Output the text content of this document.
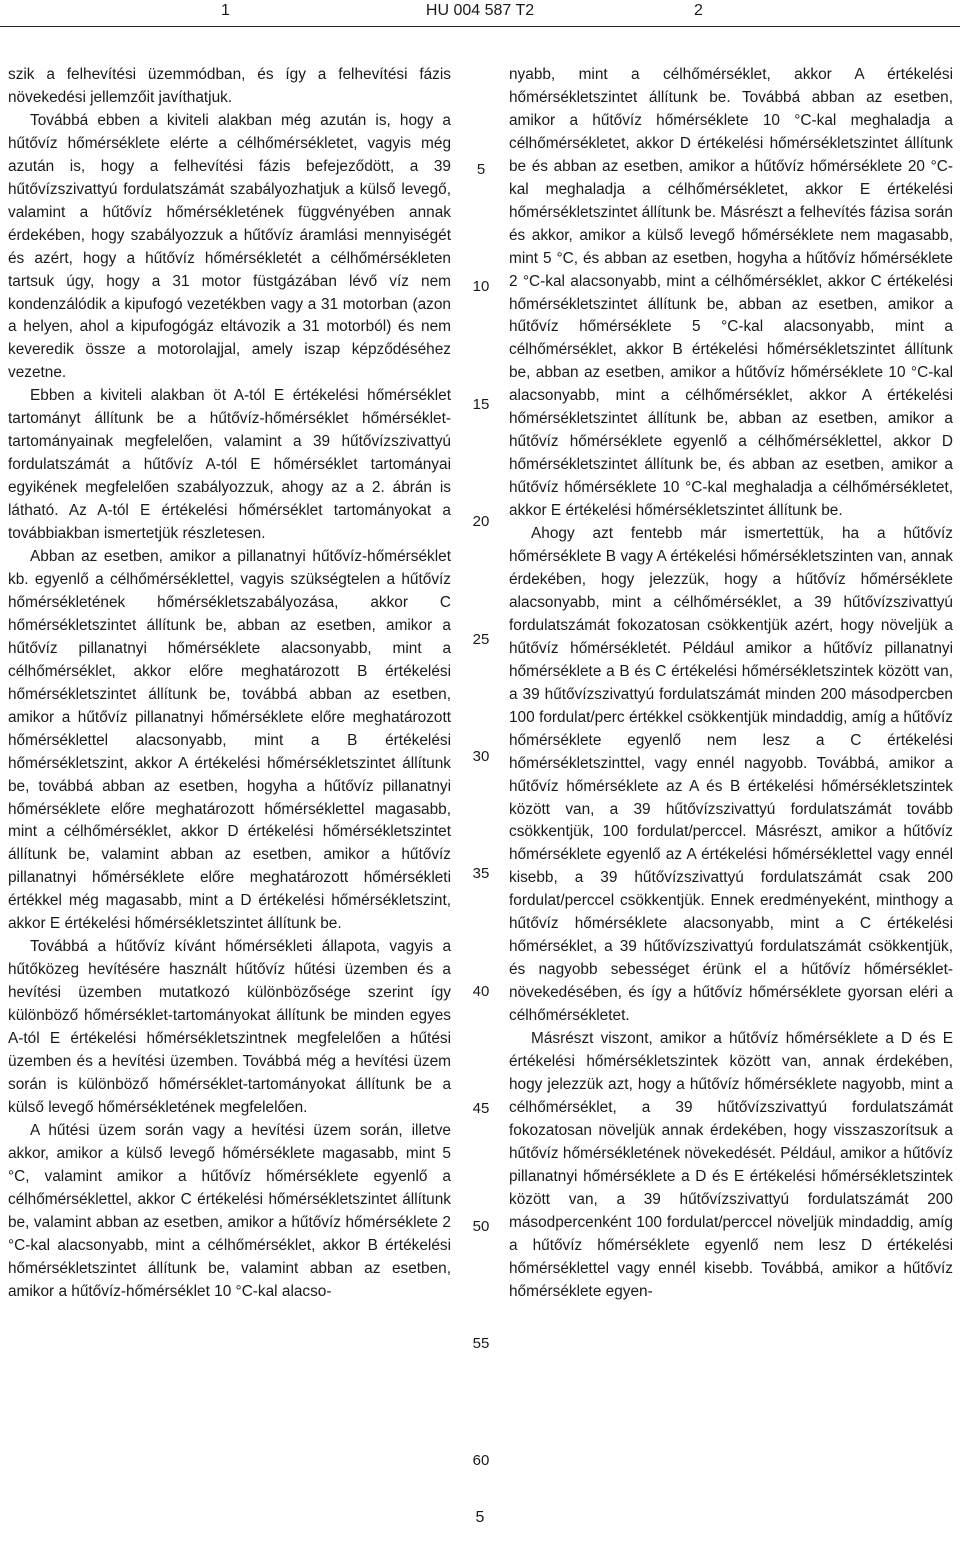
1	HU 004 587 T2	2

szik a felhevítési üzemmódban, és így a felhevítési fázis növekedési jellemzőit javíthatjuk.

Továbbá ebben a kiviteli alakban még azután is, hogy a hűtővíz hőmérséklete elérte a célhőmérsékletet, vagyis még azután is, hogy a felhevítési fázis befejeződött, a 39 hűtővízszivattyú fordulatszámát szabályozhatjuk a külső levegő, valamint a hűtővíz hőmérsékletének függvényében annak érdekében, hogy szabályozzuk a hűtővíz áramlási mennyiségét és azért, hogy a hűtővíz hőmérsékletét a célhőmérsékleten tartsuk úgy, hogy a 31 motor füstgázában lévő víz nem kondenzálódik a kipufogó vezetékben vagy a 31 motorban (azon a helyen, ahol a kipufogógáz eltávozik a 31 motorból) és nem keveredik össze a motorolajjal, amely iszap képződéséhez vezetne.

Ebben a kiviteli alakban öt A-tól E értékelési hőmérséklet tartományt állítunk be a hűtővíz-hőmérséklet hőmérséklet-tartományainak megfelelően, valamint a 39 hűtővízszivattyú fordulatszámát a hűtővíz A-tól E hőmérséklet tartományai egyikének megfelelően szabályozzuk, ahogy az a 2. ábrán is látható. Az A-tól E értékelési hőmérséklet tartományokat a továbbiakban ismertetjük részletesen.

Abban az esetben, amikor a pillanatnyi hűtővíz-hőmérséklet kb. egyenlő a célhőmérséklettel, vagyis szükségtelen a hűtővíz hőmérsékletének hőmérsékletszabályozása, akkor C hőmérsékletszintet állítunk be, abban az esetben, amikor a hűtővíz pillanatnyi hőmérséklete alacsonyabb, mint a célhőmérséklet, akkor előre meghatározott B értékelési hőmérsékletszintet állítunk be, továbbá abban az esetben, amikor a hűtővíz pillanatnyi hőmérséklete előre meghatározott hőmérséklettel alacsonyabb, mint a B értékelési hőmérsékletszint, akkor A értékelési hőmérsékletszintet állítunk be, továbbá abban az esetben, hogyha a hűtővíz pillanatnyi hőmérséklete előre meghatározott hőmérséklettel magasabb, mint a célhőmérséklet, akkor D értékelési hőmérsékletszintet állítunk be, valamint abban az esetben, amikor a hűtővíz pillanatnyi hőmérséklete előre meghatározott hőmérsékleti értékkel még magasabb, mint a D értékelési hőmérsékletszint, akkor E értékelési hőmérsékletszintet állítunk be.

Továbbá a hűtővíz kívánt hőmérsékleti állapota, vagyis a hűtőközeg hevítésére használt hűtővíz hűtési üzemben és a hevítési üzemben mutatkozó különbözősége szerint így különböző hőmérséklet-tartományokat állítunk be minden egyes A-tól E értékelési hőmérsékletszintnek megfelelően a hűtési üzemben és a hevítési üzemben. Továbbá még a hevítési üzem során is különböző hőmérséklet-tartományokat állítunk be a külső levegő hőmérsékletének megfelelően.

A hűtési üzem során vagy a hevítési üzem során, illetve akkor, amikor a külső levegő hőmérséklete magasabb, mint 5 °C, valamint amikor a hűtővíz hőmérséklete egyenlő a célhőmérséklettel, akkor C értékelési hőmérsékletszintet állítunk be, valamint abban az esetben, amikor a hűtővíz hőmérséklete 2 °C-kal alacsonyabb, mint a célhőmérséklet, akkor B értékelési hőmérsékletszintet állítunk be, valamint abban az esetben, amikor a hűtővíz-hőmérséklet 10 °C-kal alacso-

nyabb, mint a célhőmérséklet, akkor A értékelési hőmérsékletszintet állítunk be. Továbbá abban az esetben, amikor a hűtővíz hőmérséklete 10 °C-kal meghaladja a célhőmérsékletet, akkor D értékelési hőmérsékletszintet állítunk be és abban az esetben, amikor a hűtővíz hőmérséklete 20 °C-kal meghaladja a célhőmérsékletet, akkor E értékelési hőmérsékletszintet állítunk be. Másrészt a felhevítés fázisa során és akkor, amikor a külső levegő hőmérséklete nem magasabb, mint 5 °C, és abban az esetben, hogyha a hűtővíz hőmérséklete 2 °C-kal alacsonyabb, mint a célhőmérséklet, akkor C értékelési hőmérsékletszintet állítunk be, abban az esetben, amikor a hűtővíz hőmérséklete 5 °C-kal alacsonyabb, mint a célhőmérséklet, akkor B értékelési hőmérsékletszintet állítunk be, abban az esetben, amikor a hűtővíz hőmérséklete 10 °C-kal alacsonyabb, mint a célhőmérséklet, akkor A értékelési hőmérsékletszintet állítunk be, abban az esetben, amikor a hűtővíz hőmérséklete egyenlő a célhőmérséklettel, akkor D hőmérsékletszintet állítunk be, és abban az esetben, amikor a hűtővíz hőmérséklete 10 °C-kal meghaladja a célhőmérsékletet, akkor E értékelési hőmérsékletszintet állítunk be.

Ahogy azt fentebb már ismertettük, ha a hűtővíz hőmérséklete B vagy A értékelési hőmérsékletszinten van, annak érdekében, hogy jelezzük, hogy a hűtővíz hőmérséklete alacsonyabb, mint a célhőmérséklet, a 39 hűtővízszivattyú fordulatszámát fokozatosan csökkentjük azért, hogy növeljük a hűtővíz hőmérsékletét. Például amikor a hűtővíz pillanatnyi hőmérséklete a B és C értékelési hőmérsékletszintek között van, a 39 hűtővízszivattyú fordulatszámát minden 200 másodpercben 100 fordulat/perc értékkel csökkentjük mindaddig, amíg a hűtővíz hőmérséklete egyenlő nem lesz a C értékelési hőmérsékletszinttel, vagy ennél nagyobb. Továbbá, amikor a hűtővíz hőmérséklete az A és B értékelési hőmérsékletszintek között van, a 39 hűtővízszivattyú fordulatszámát tovább csökkentjük, 100 fordulat/perccel. Másrészt, amikor a hűtővíz hőmérséklete egyenlő az A értékelési hőmérséklettel vagy ennél kisebb, a 39 hűtővízszivattyú fordulatszámát csak 200 fordulat/perccel csökkentjük. Ennek eredményeként, minthogy a hűtővíz hőmérséklete alacsonyabb, mint a C értékelési hőmérséklet, a 39 hűtővízszivattyú fordulatszámát csökkentjük, és nagyobb sebességet érünk el a hűtővíz hőmérséklet-növekedésében, és így a hűtővíz hőmérséklete gyorsan eléri a célhőmérsékletet.

Másrészt viszont, amikor a hűtővíz hőmérséklete a D és E értékelési hőmérsékletszintek között van, annak érdekében, hogy jelezzük azt, hogy a hűtővíz hőmérséklete nagyobb, mint a célhőmérséklet, a 39 hűtővízszivattyú fordulatszámát fokozatosan növeljük annak érdekében, hogy visszaszorítsuk a hűtővíz hőmérsékletének növekedését. Például, amikor a hűtővíz pillanatnyi hőmérséklete a D és E értékelési hőmérsékletszintek között van, a 39 hűtővízszivattyú fordulatszámát 200 másodpercenként 100 fordulat/perccel növeljük mindaddig, amíg a hűtővíz hőmérséklete egyenlő nem lesz D értékelési hőmérséklettel vagy ennél kisebb. Továbbá, amikor a hűtővíz hőmérséklete egyen-

5
10
15
20
25
30
35
40
45
50
55
60
5
